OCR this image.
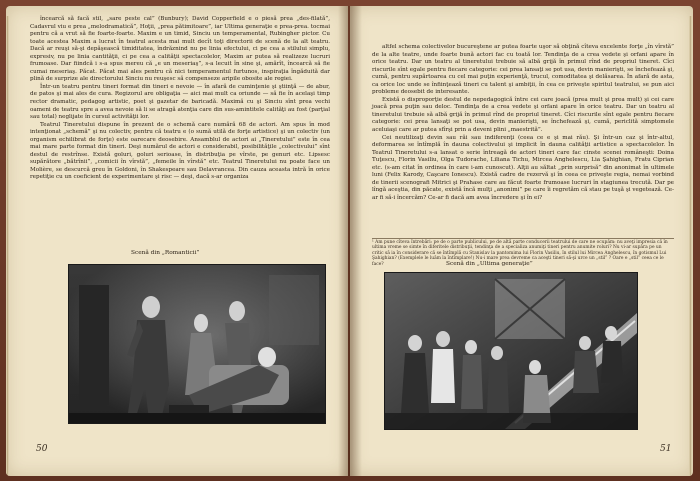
încearcă să facă stil, „sare peste cal” (Bunbury); David Copperfield e o piesă prea „des-filată”, Cadavrul viu e prea „melodramatică”, Hoţii, „prea pătimitoare”, iar Ultima generaţie e prea-prea. tocmai pentru că a vrut să fie foarte-foarte. Maxim e un timid, Sinciu un temperamental, Rubingher pictor. Cu toate acestea Maxim a lucrat în teatrul acesta mai mult decît toţi directorii de scenă de la alt teatru. Dacă ar reuşi să-şi depăşească timiditatea, îndrăznind nu pe linia efectului, ci pe cea a stilului simplu, expresiv, nu pe linia cantităţii, ci pe cea a calităţii spectacolelor, Maxim ar putea să realizeze lucruri frumoase. Dar fiindcă i s-a spus mereu că „e un meseriaş”, s-a lecuit în sine şi, amărît, încearcă să fie cumai meseriaş. Păcat. Păcat mai ales pentru că nici temperamentul furtunos, inspiraţia îngăduită dar plină de surprize ale directorului Sinciu nu reuşesc să compenseze aripile obosite ale regiei.

Într-un teatru pentru tineri format din tineri e nevoie — în afară de cuminţenie şi ştiinţă — de abur, de patos şi mai ales de cura. Regizorul are obligaţia — aici mai mult ca oriunde — să fie în acelaşi timp rector dramatic, pedagog artistic, poet şi gazetar de baricadă. Maximă cu şi Sinciu sînt prea vechi oameni de teatru spre a avea nevoie să li se atragă atenţia care din sus-amintitele calităţi au fost (parţial sau total) neglijate în cursul activităţii lor.

Teatrul Tineretului dispune în prezent de o schemă care numără 68 de actori. Am spus în mod intenţionat „schemă” şi nu colectiv, pentru că teatru e (o sumă utilă de forţe artistice) şi un colectiv (un organism echilibrat de forţe) este oarecare deosebire. Ansamblul de actori ai „Tineretului” este în cea mai mare parte format din tineri. Deşi numărul de actori e considerabil, posibilităţile „colectivului” sînt destul de restrînse. Există goluri, goluri serioase, în distribuţia pe vîrste, pe genuri etc. Lipsesc supărătore „bătrînii”, „comicii în vîrstă”, „femeile în vîrstă” etc. Teatrul Tineretului nu poate face un Molière, se descurcă greu în Goldoni, în Shakespeare sau Delavrancea. Din cauza aceasta intră în orice repetiţie cu un coeficient de experimentare şi risc — deşi, dacă s-ar organiza

Scenă din „Romanticii”
50

altfel schema colectivelor bucureştene ar putea foarte uşor să obţină cîteva excelente forţe „în vîrstă” de la alte teatre, unde foarte bună actori fac cu toată lor. Tendinţa de a crea vedete şi orfani apare în orice teatru. Dar un teatru al tineretului trebuie să albă grijă în primul rînd de propriul tineret. Cîci riscurile sînt egale pentru fiecare categorie: cei prea lansaţi se pot usa, devin manierişti, se închefează şi, cumă, pentru supărtoarea cu cel mai puţin experienţă, trucul, comoditatea şi delăsarea. În afară de asta, ca orice loc unde se înfiinţează tineri cu talent şi ambiţii, în cea ce priveşte spiritul teatrului, se pun aici probleme deosebit de interesante.

Există o disproporţie destul de nepedagogică între cei care joacă (prea mult şi prea mult) şi cei care joacă prea puţin sau deloc. Tendinţa de a crea vedete şi orfani apare în orice teatru. Dar un teatru al tineretului trebuie să albă grijă în primul rînd de propriul tineret. Cîci riscurile sînt egale pentru fiecare categorie: cei prea lansaţi se pot usa, devin manierişti, se închefează şi, cumă, periclită simptomele aceluiaşi care ar putea sfîrşi prin a deveni plini „maestrită”.

Cei neutilizaţi devin sau răi sau indiferenţi (ceea ce e şi mai rău). Şi într-un caz şi într-altul, deformarea se întîmplă în dauna colectivului şi implicit în dauna calităţii artistice a spectacolelor. În Teatrul Tineretului s-a lansat o serie întreagă de actori tineri care fac cinste scenei româneşti: Doina Tuţescu, Florin Vasiliu, Olga Tudorache, Liliana Tichu, Mircea Anghelescu, Lia Şahighian, Fratu Ciprian etc. (s-am citat în ordinea în care i-am cunoscut). Alţii au săltat „prin surprisă” din anonimat în ultimele luni (Felix Karody, Caşcare Ionescu). Există cadre de rezervă şi în ceea ce priveşte regia, nemai vorbind de tinerii scenografi Mitrici şi Prahase care au făcut foarte frumoase lucruri în stagiunea trecută. Dar pe lîngă aceştia, din păcate, există încă mulţi „anonimi” pe care îi regretăm că stau pe tuşă şi vegetează. Ce-ar fi să-i încercăm? Ce-ar fi dacă am avea încredere şi în ei?

¹ Am pune cîteva întrebări: pe de o parte publicului, pe de altă parte conducerii teatrului de care ne ocupăm: nu aveţi impresia că în ultima vreme se simte în diferitele distribuţii, tendinţa de a specializa anumiţi tineri pentru anumite roluri? Nu vi-ar supăra pe un critic să ia în considerare că se întîmplă cu Stanislav la pantomima lui Florin Vasiliu, în stilul lui Mircea Anghelescu, în gotismul Lui Şahighian? (Exemplele le luăm la întîmplare!) Nu-i mare prea devreme ca aceşti tineri să-şi urce un „stil” ? Oare e „stil” ceea ce le face?	Scenă din „Ultima generaţie”
51
